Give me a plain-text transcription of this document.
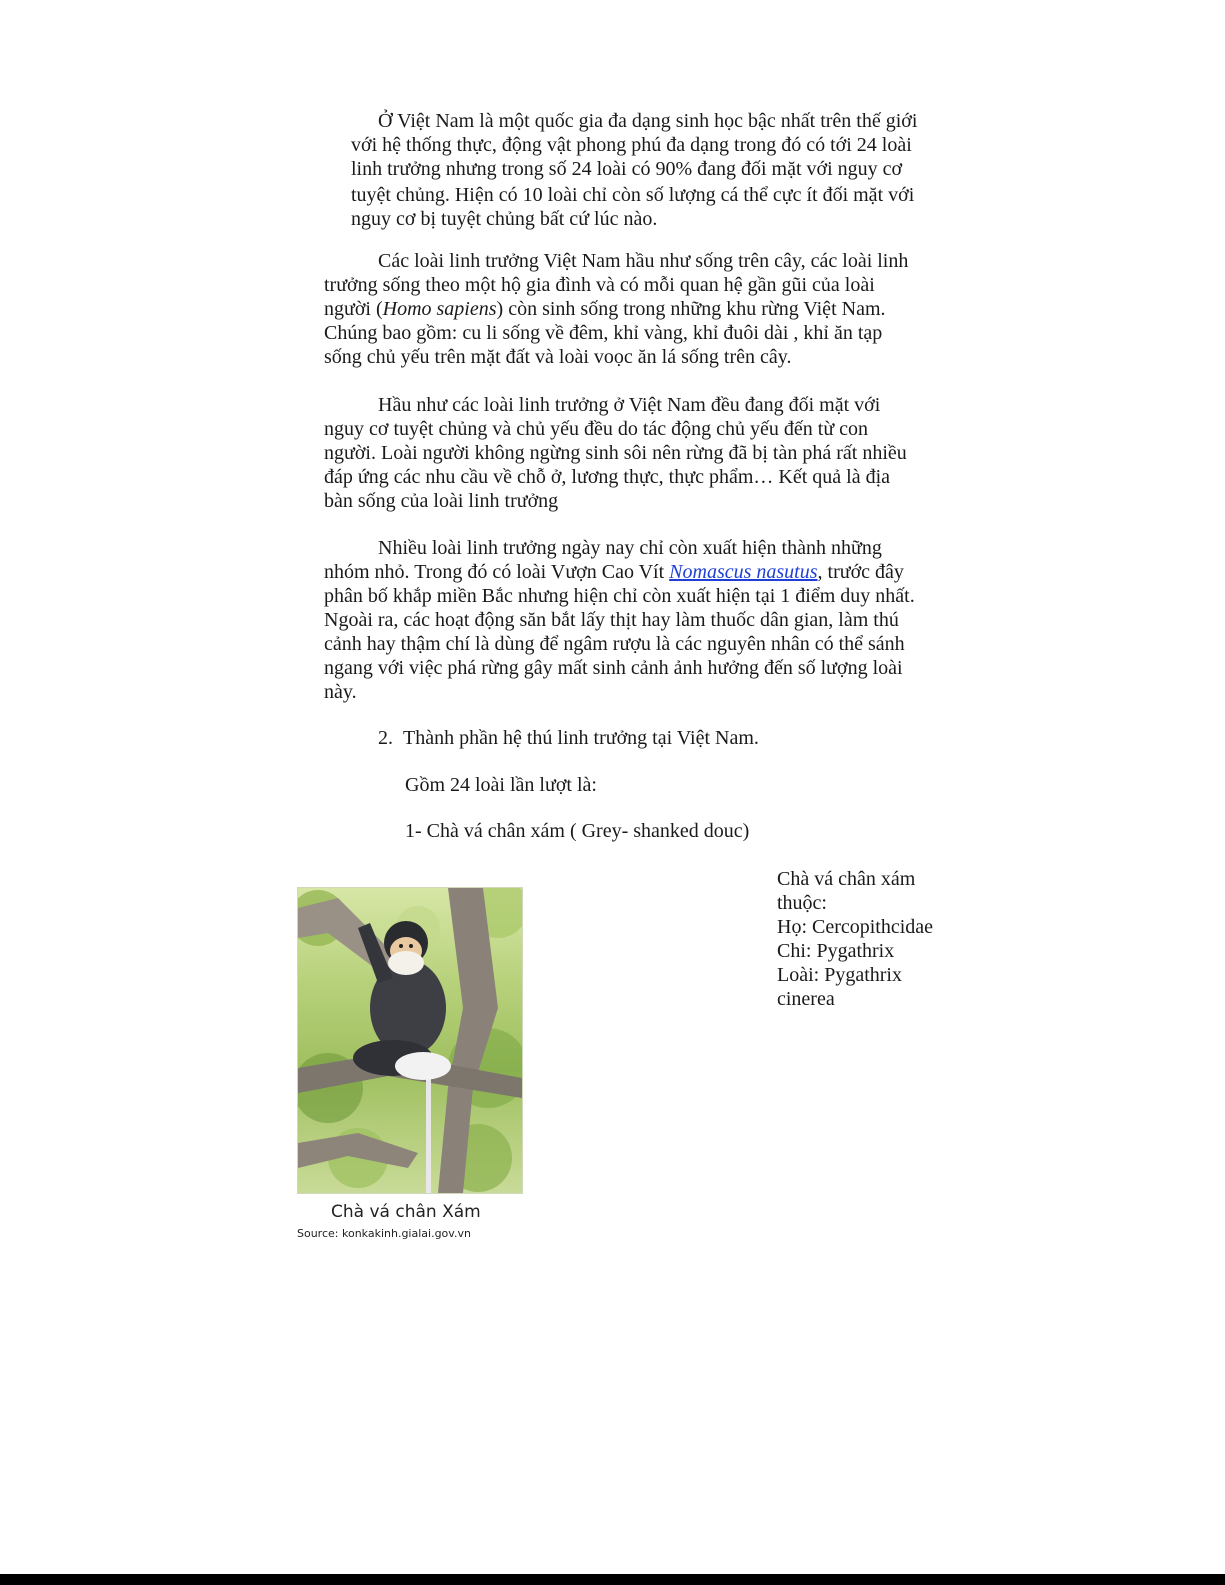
Ở Việt Nam là một quốc gia đa dạng sinh học bậc nhất trên thế giới
với hệ thống thực, động vật phong phú đa dạng trong đó có tới 24 loài
linh trưởng nhưng trong số 24 loài có 90% đang đối mặt với nguy cơ
tuyệt chủng. Hiện có 10 loài chỉ còn số lượng cá thể cực ít đối mặt với
nguy cơ bị tuyệt chủng bất cứ lúc nào.
Các loài linh trưởng Việt Nam hầu như sống trên cây, các loài linh
trưởng sống theo một hộ gia đình và có mỗi quan hệ gần gũi của loài
người (Homo sapiens) còn sinh sống trong những khu rừng Việt Nam.
Chúng bao gồm: cu li sống về đêm, khỉ vàng, khỉ đuôi dài , khỉ ăn tạp
sống chủ yếu trên mặt đất và loài voọc ăn lá sống trên cây.
Hầu như các loài linh trưởng ở Việt Nam đều đang đối mặt với
nguy cơ tuyệt chủng và chủ yếu đều do tác động chủ yếu đến từ con
người. Loài người không ngừng sinh sôi nên rừng đã bị tàn phá rất nhiều
đáp ứng các nhu cầu về chỗ ở, lương thực, thực phẩm… Kết quả là địa
bàn sống của loài linh trưởng
Nhiều loài linh trưởng ngày nay chỉ còn xuất hiện thành những
nhóm nhỏ. Trong đó có loài Vượn Cao Vít Nomascus nasutus, trước đây
phân bố khắp miền Bắc nhưng hiện chỉ còn xuất hiện tại 1 điểm duy nhất.
Ngoài ra, các hoạt động săn bắt lấy thịt hay làm thuốc dân gian, làm thú
cảnh hay thậm chí là dùng để ngâm rượu là các nguyên nhân có thể sánh
ngang với việc phá rừng gây mất sinh cảnh ảnh hưởng đến số lượng loài
này.
2. Thành phần hệ thú linh trưởng tại Việt Nam.
Gồm 24 loài lần lượt là:
1- Chà vá chân xám ( Grey- shanked douc)
Chà vá chân Xám
Source: konkakinh.gialai.gov.vn
Chà vá chân xám
thuộc:
Họ: Cercopithcidae
Chi: Pygathrix
Loài: Pygathrix
cinerea
